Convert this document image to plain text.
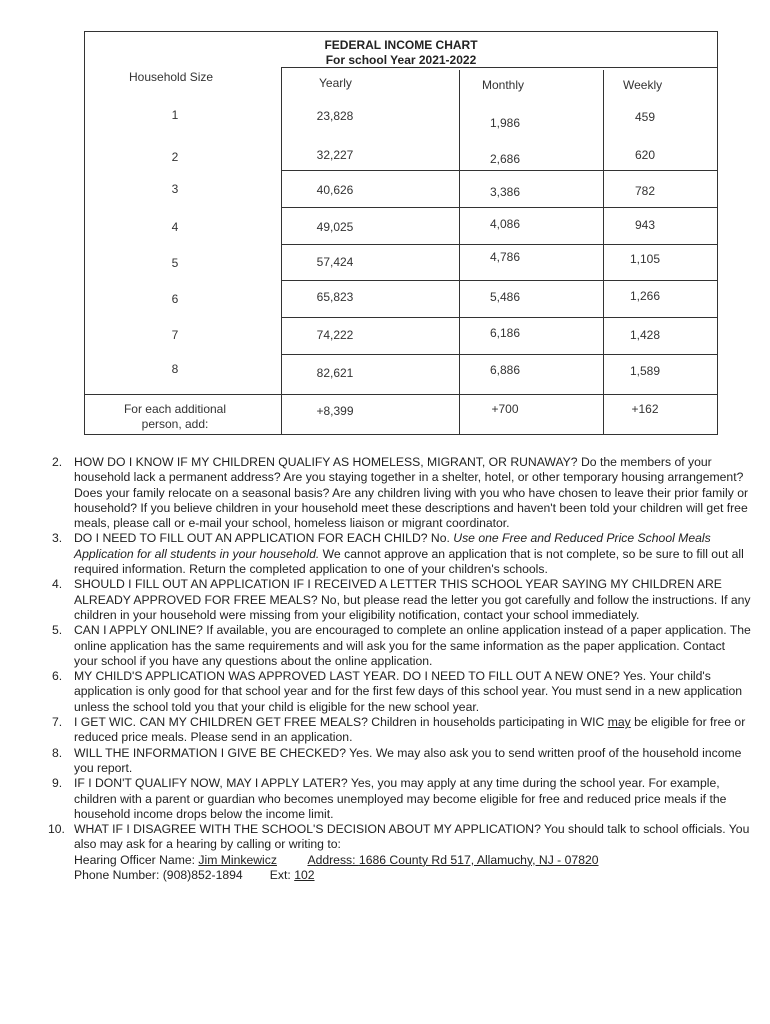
FEDERAL INCOME CHART
For school Year 2021-2022
Household Size	Yearly	Monthly	Weekly
1	23,828	1,986	459
2	32,227	2,686	620
3	40,626	3,386	782
4	49,025	4,086	943
5	57,424	4,786	1,105
6	65,823	5,486	1,266
7	74,222	6,186	1,428
8	82,621	6,886	1,589
For each additional
person, add:
+8,399	+700	+162
2. HOW DO I KNOW IF MY CHILDREN QUALIFY AS HOMELESS, MIGRANT, OR RUNAWAY? Do the members of your household lack a permanent address? Are you staying together in a shelter, hotel, or other temporary housing arrangement? Does your family relocate on a seasonal basis? Are any children living with you who have chosen to leave their prior family or household? If you believe children in your household meet these descriptions and haven't been told your children will get free meals, please call or e-mail your school, homeless liaison or migrant coordinator.
3. DO I NEED TO FILL OUT AN APPLICATION FOR EACH CHILD? No. Use one Free and Reduced Price School Meals Application for all students in your household. We cannot approve an application that is not complete, so be sure to fill out all required information. Return the completed application to one of your children's schools.
4. SHOULD I FILL OUT AN APPLICATION IF I RECEIVED A LETTER THIS SCHOOL YEAR SAYING MY CHILDREN ARE ALREADY APPROVED FOR FREE MEALS? No, but please read the letter you got carefully and follow the instructions. If any children in your household were missing from your eligibility notification, contact your school immediately.
5. CAN I APPLY ONLINE? If available, you are encouraged to complete an online application instead of a paper application. The online application has the same requirements and will ask you for the same information as the paper application. Contact your school if you have any questions about the online application.
6. MY CHILD'S APPLICATION WAS APPROVED LAST YEAR. DO I NEED TO FILL OUT A NEW ONE? Yes. Your child's application is only good for that school year and for the first few days of this school year. You must send in a new application unless the school told you that your child is eligible for the new school year.
7. I GET WIC. CAN MY CHILDREN GET FREE MEALS? Children in households participating in WIC may be eligible for free or reduced price meals. Please send in an application.
8. WILL THE INFORMATION I GIVE BE CHECKED? Yes. We may also ask you to send written proof of the household income you report.
9. IF I DON'T QUALIFY NOW, MAY I APPLY LATER? Yes, you may apply at any time during the school year. For example, children with a parent or guardian who becomes unemployed may become eligible for free and reduced price meals if the household income drops below the income limit.
10. WHAT IF I DISAGREE WITH THE SCHOOL'S DECISION ABOUT MY APPLICATION? You should talk to school officials. You also may ask for a hearing by calling or writing to:
Hearing Officer Name: Jim Minkewicz Address: 1686 County Rd 517, Allamuchy, NJ - 07820
Phone Number: (908)852-1894 Ext: 102
